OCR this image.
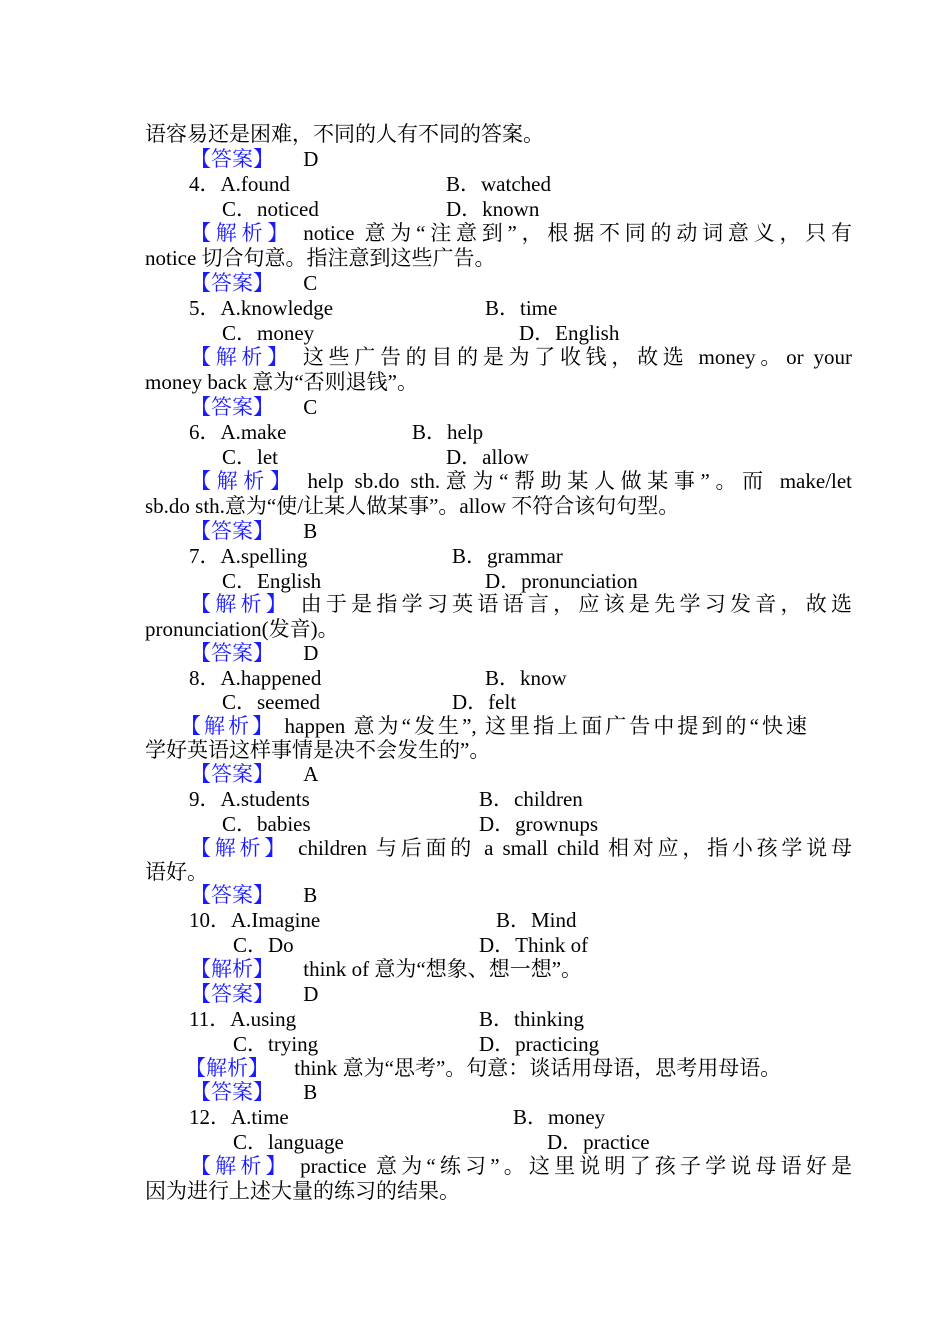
语容易还是困难，不同的人有不同的答案。
【答案】 D
4．A.found	B．watched
C．noticed	D．known
【解析】 notice 意为“注意到”，根据不同的动词意义，只有
notice 切合句意。指注意到这些广告。
【答案】 C
5．A.knowledge	B．time
C．money	D．English
【解析】 这些广告的目的是为了收钱，故选 money。or your
money back 意为“否则退钱”。
【答案】 C
6．A.make	B．help
C．let	D．allow
【解析】 help sb.do sth.意为“帮助某人做某事”。而 make/let
sb.do sth.意为“使/让某人做某事”。allow 不符合该句句型。
【答案】 B
7．A.spelling	B．grammar
C．English	D．pronunciation
【解析】 由于是指学习英语语言，应该是先学习发音，故选
pronunciation(发音)。
【答案】 D
8．A.happened	B．know
C．seemed	D．felt
【解析】 happen 意为“发生”, 这里指上面广告中提到的“快速
学好英语这样事情是决不会发生的”。
【答案】 A
9．A.students	B．children
C．babies	D．grownups
【解析】 children 与后面的 a small child 相对应，指小孩学说母
语好。
【答案】 B
10．A.Imagine	B．Mind
C．Do	D．Think of
【解析】 think of 意为“想象、想一想”。
【答案】 D
11．A.using	B．thinking
C．trying	D．practicing
【解析】 think 意为“思考”。句意：谈话用母语，思考用母语。
【答案】 B
12．A.time	B．money
C．language	D．practice
【解析】 practice 意为“练习”。这里说明了孩子学说母语好是
因为进行上述大量的练习的结果。
